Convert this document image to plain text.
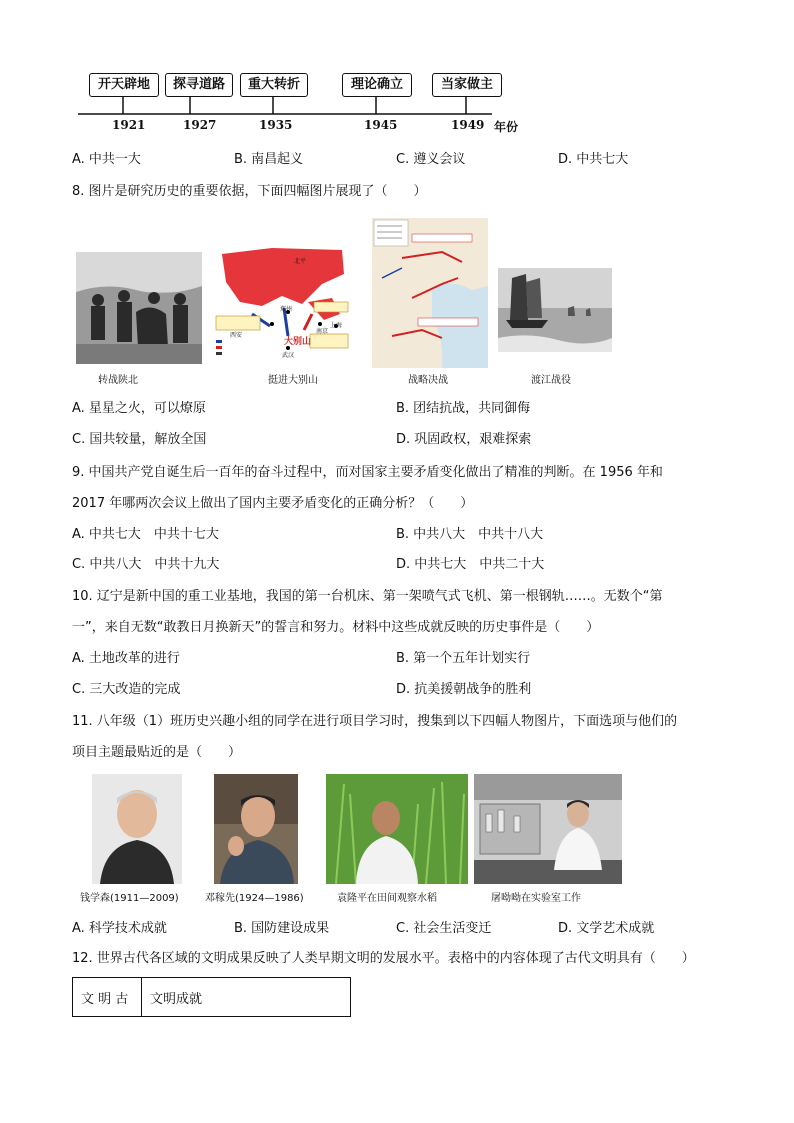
开天辟地	探寻道路	重大转折	理论确立	当家做主
1921	1927	1935	1945	1949 年份
A. 中共一大	B. 南昌起义	C. 遵义会议	D. 中共七大
8. 图片是研究历史的重要依据，下面四幅图片展现了（　　）
转战陕北
北平
西安
郑州
大别山
武汉
南京
上海
挺进大别山	战略决战	渡江战役
A. 星星之火，可以燎原	B. 团结抗战，共同御侮
C. 国共较量，解放全国	D. 巩固政权，艰难探索
9. 中国共产党自诞生后一百年的奋斗过程中，而对国家主要矛盾变化做出了精准的判断。在 1956 年和
2017 年哪两次会议上做出了国内主要矛盾变化的正确分析？（　　）
A. 中共七大　中共十七大	B. 中共八大　中共十八大
C. 中共八大　中共十九大	D. 中共七大　中共二十大
10. 辽宁是新中国的重工业基地，我国的第一台机床、第一架喷气式飞机、第一根钢轨……。无数个“第
一”，来自无数“敢教日月换新天”的誓言和努力。材料中这些成就反映的历史事件是（　　）
A. 土地改革的进行	B. 第一个五年计划实行
C. 三大改造的完成	D. 抗美援朝战争的胜利
11. 八年级（1）班历史兴趣小组的同学在进行项目学习时，搜集到以下四幅人物图片，下面选项与他们的
项目主题最贴近的是（　　）
钱学森(1911—2009)	邓稼先(1924—1986)	袁隆平在田间观察水稻	屠呦呦在实验室工作
A. 科学技术成就	B. 国防建设成果	C. 社会生活变迁	D. 文学艺术成就
12. 世界古代各区域的文明成果反映了人类早期文明的发展水平。表格中的内容体现了古代文明具有（　　）
文 明 古	文明成就
